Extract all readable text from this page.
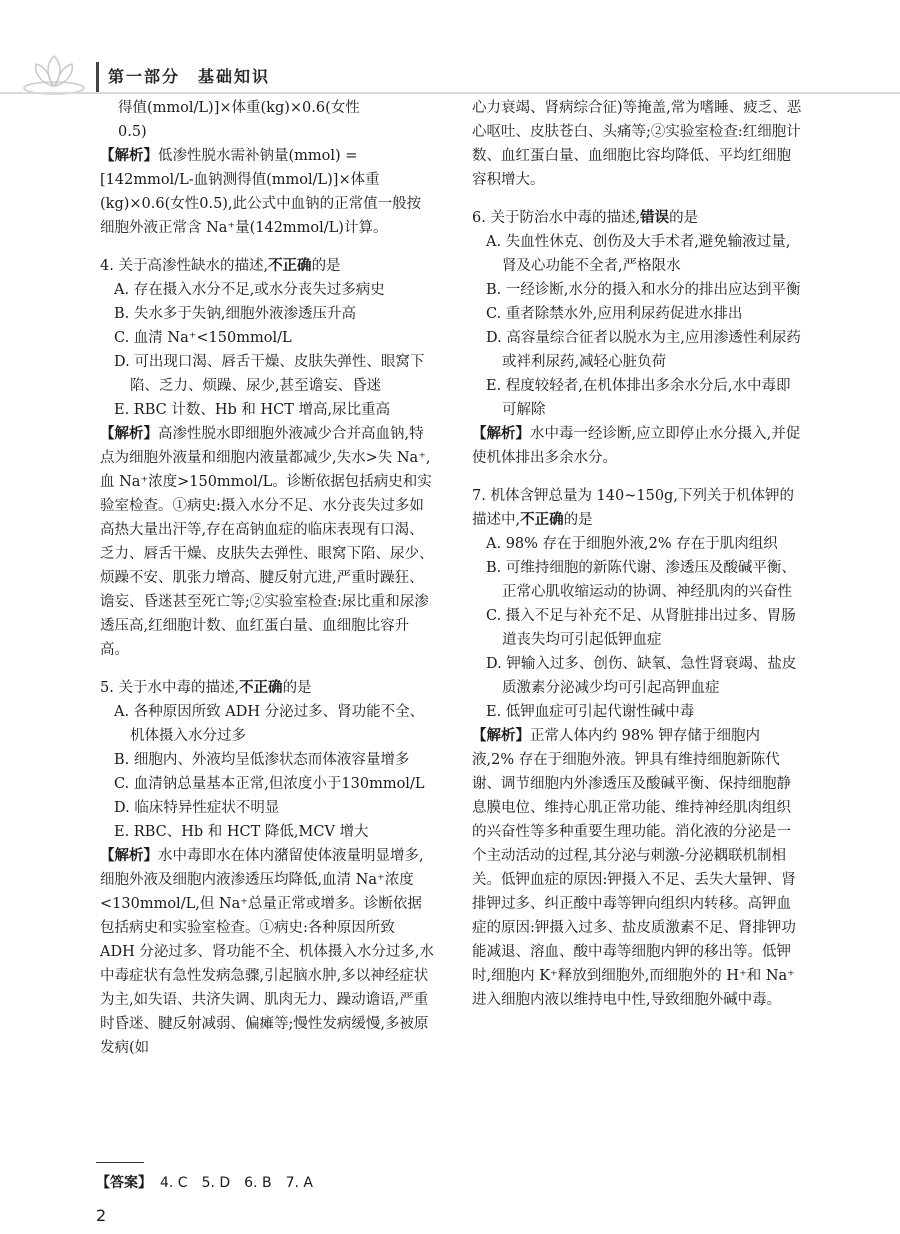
第一部分　基础知识

得值(mmol/L)]×体重(kg)×0.6(女性

0.5)

【解析】低渗性脱水需补钠量(mmol) = [142mmol/L-血钠测得值(mmol/L)]×体重(kg)×0.6(女性0.5),此公式中血钠的正常值一般按细胞外液正常含 Na⁺量(142mmol/L)计算。

4. 关于高渗性缺水的描述,不正确的是

A. 存在摄入水分不足,或水分丧失过多病史

B. 失水多于失钠,细胞外液渗透压升高

C. 血清 Na⁺<150mmol/L

D. 可出现口渴、唇舌干燥、皮肤失弹性、眼窝下陷、乏力、烦躁、尿少,甚至谵妄、昏迷

E. RBC 计数、Hb 和 HCT 增高,尿比重高

【解析】高渗性脱水即细胞外液减少合并高血钠,特点为细胞外液量和细胞内液量都减少,失水>失 Na⁺,血 Na⁺浓度>150mmol/L。诊断依据包括病史和实验室检查。①病史:摄入水分不足、水分丧失过多如高热大量出汗等,存在高钠血症的临床表现有口渴、乏力、唇舌干燥、皮肤失去弹性、眼窝下陷、尿少、烦躁不安、肌张力增高、腱反射亢进,严重时躁狂、谵妄、昏迷甚至死亡等;②实验室检查:尿比重和尿渗透压高,红细胞计数、血红蛋白量、血细胞比容升高。

5. 关于水中毒的描述,不正确的是

A. 各种原因所致 ADH 分泌过多、肾功能不全、机体摄入水分过多

B. 细胞内、外液均呈低渗状态而体液容量增多

C. 血清钠总量基本正常,但浓度小于130mmol/L

D. 临床特异性症状不明显

E. RBC、Hb 和 HCT 降低,MCV 增大

【解析】水中毒即水在体内潴留使体液量明显增多,细胞外液及细胞内液渗透压均降低,血清 Na⁺浓度<130mmol/L,但 Na⁺总量正常或增多。诊断依据包括病史和实验室检查。①病史:各种原因所致 ADH 分泌过多、肾功能不全、机体摄入水分过多,水中毒症状有急性发病急骤,引起脑水肿,多以神经症状为主,如失语、共济失调、肌肉无力、躁动谵语,严重时昏迷、腱反射减弱、偏瘫等;慢性发病缓慢,多被原发病(如

心力衰竭、肾病综合征)等掩盖,常为嗜睡、疲乏、恶心呕吐、皮肤苍白、头痛等;②实验室检查:红细胞计数、血红蛋白量、血细胞比容均降低、平均红细胞容积增大。

6. 关于防治水中毒的描述,错误的是

A. 失血性休克、创伤及大手术者,避免输液过量,肾及心功能不全者,严格限水

B. 一经诊断,水分的摄入和水分的排出应达到平衡

C. 重者除禁水外,应用利尿药促进水排出

D. 高容量综合征者以脱水为主,应用渗透性利尿药或袢利尿药,减轻心脏负荷

E. 程度较轻者,在机体排出多余水分后,水中毒即可解除

【解析】水中毒一经诊断,应立即停止水分摄入,并促使机体排出多余水分。

7. 机体含钾总量为 140~150g,下列关于机体钾的描述中,不正确的是

A. 98% 存在于细胞外液,2% 存在于肌肉组织

B. 可维持细胞的新陈代谢、渗透压及酸碱平衡、正常心肌收缩运动的协调、神经肌肉的兴奋性

C. 摄入不足与补充不足、从肾脏排出过多、胃肠道丧失均可引起低钾血症

D. 钾输入过多、创伤、缺氧、急性肾衰竭、盐皮质激素分泌减少均可引起高钾血症

E. 低钾血症可引起代谢性碱中毒

【解析】正常人体内约 98% 钾存储于细胞内液,2% 存在于细胞外液。钾具有维持细胞新陈代谢、调节细胞内外渗透压及酸碱平衡、保持细胞静息膜电位、维持心肌正常功能、维持神经肌肉组织的兴奋性等多种重要生理功能。消化液的分泌是一个主动活动的过程,其分泌与刺激-分泌耦联机制相关。低钾血症的原因:钾摄入不足、丢失大量钾、肾排钾过多、纠正酸中毒等钾向组织内转移。高钾血症的原因:钾摄入过多、盐皮质激素不足、肾排钾功能减退、溶血、酸中毒等细胞内钾的移出等。低钾时,细胞内 K⁺释放到细胞外,而细胞外的 H⁺和 Na⁺进入细胞内液以维持电中性,导致细胞外碱中毒。

【答案】 4. C　5. D　6. B　7. A
2
